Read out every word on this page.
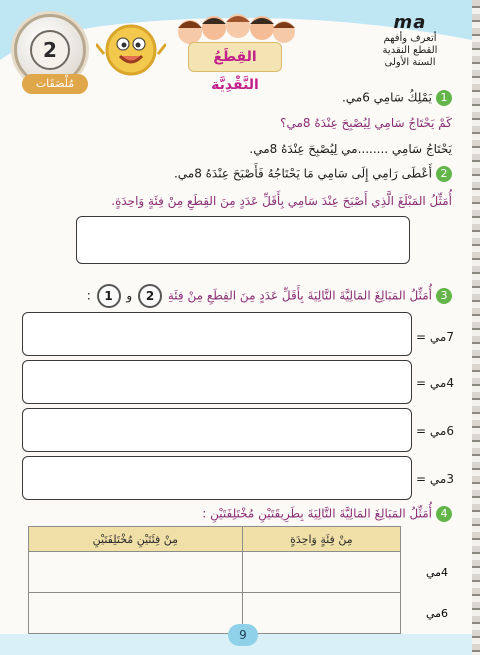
2
مُلْصَقَات
القِطَعُ النَّقْدِيَّة
ma
أتعرف وأفهم
القطع النقدية
السنة الأولى
1يَمْلِكُ سَامِي 6مي.
كَمْ يَحْتَاجُ سَامِي لِيُصْبِحَ عِنْدَهُ 8مي؟
يَحْتَاجُ سَامِي ........مي لِيُصْبِحَ عِنْدَهُ 8مي.
2أَعْطَى رَامِي إِلَى سَامِي مَا يَحْتَاجُهُ فَأَصْبَحَ عِنْدَهُ 8مي.
أُمَثِّلُ المَبْلَغَ الَّذِي أَصْبَحَ عِنْدَ سَامِي بِأَقَلِّ عَدَدٍ مِنَ القِطَعِ مِنْ فِئَةٍ وَاحِدَةٍ.
3أُمَثِّلُ المَبَالِغَ المَالِيَّةَ التَّالِيَةَ بِأَقَلِّ عَدَدٍ مِنَ القِطَعِ مِنْ فِئَةِ 2 و 1 :
7مي =
4مي =
6مي =
3مي =
4أُمَثِّلُ المَبَالِغَ المَالِيَّةَ التَّالِيَةَ بِطَرِيقَتَيْنِ مُخْتَلِفَتَيْنِ :
	مِنْ فِئَةٍ وَاحِدَةٍ	مِنْ فِئَتَيْنِ مُخْتَلِفَتَيْنِ
4مي		
6مي		
9
